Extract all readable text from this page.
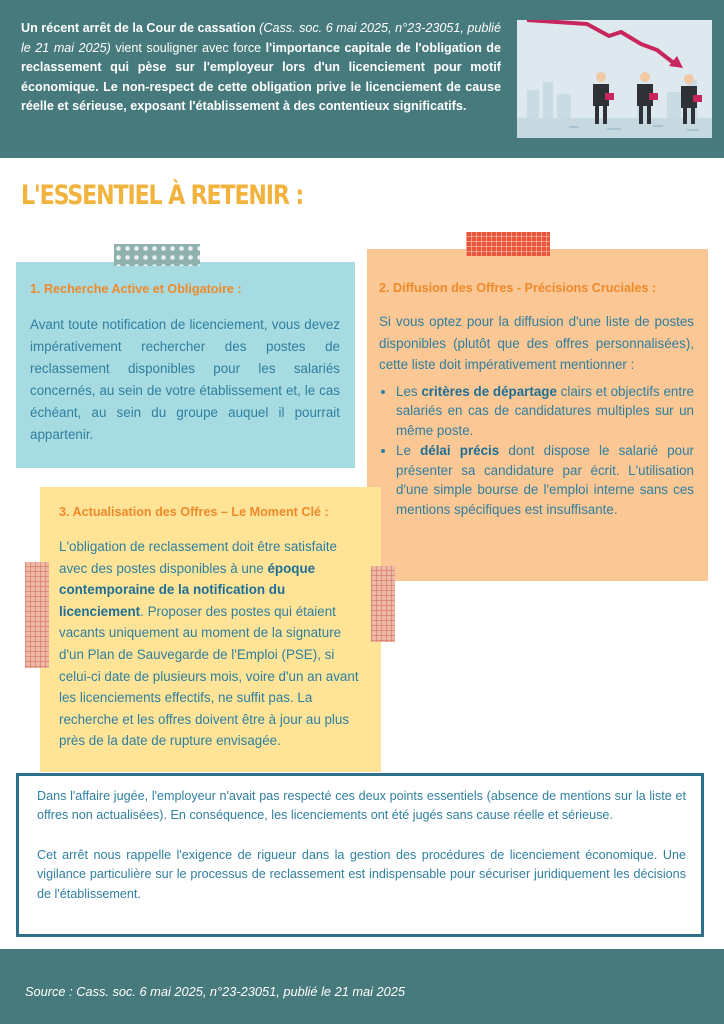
Un récent arrêt de la Cour de cassation (Cass. soc. 6 mai 2025, n°23-23051, publié le 21 mai 2025) vient souligner avec force l'importance capitale de l'obligation de reclassement qui pèse sur l'employeur lors d'un licenciement pour motif économique. Le non-respect de cette obligation prive le licenciement de cause réelle et sérieuse, exposant l'établissement à des contentieux significatifs.
L'ESSENTIEL À RETENIR :
1. Recherche Active et Obligatoire :

Avant toute notification de licenciement, vous devez impérativement rechercher des postes de reclassement disponibles pour les salariés concernés, au sein de votre établissement et, le cas échéant, au sein du groupe auquel il pourrait appartenir.

2. Diffusion des Offres - Précisions Cruciales :

Si vous optez pour la diffusion d'une liste de postes disponibles (plutôt que des offres personnalisées), cette liste doit impérativement mentionner :

• Les critères de départage clairs et objectifs entre salariés en cas de candidatures multiples sur un même poste.
• Le délai précis dont dispose le salarié pour présenter sa candidature par écrit. L'utilisation d'une simple bourse de l'emploi interne sans ces mentions spécifiques est insuffisante.
3. Actualisation des Offres – Le Moment Clé :

L'obligation de reclassement doit être satisfaite avec des postes disponibles à une époque contemporaine de la notification du licenciement. Proposer des postes qui étaient vacants uniquement au moment de la signature d'un Plan de Sauvegarde de l'Emploi (PSE), si celui-ci date de plusieurs mois, voire d'un an avant les licenciements effectifs, ne suffit pas. La recherche et les offres doivent être à jour au plus près de la date de rupture envisagée.

Dans l'affaire jugée, l'employeur n'avait pas respecté ces deux points essentiels (absence de mentions sur la liste et offres non actualisées). En conséquence, les licenciements ont été jugés sans cause réelle et sérieuse.

Cet arrêt nous rappelle l'exigence de rigueur dans la gestion des procédures de licenciement économique. Une vigilance particulière sur le processus de reclassement est indispensable pour sécuriser juridiquement les décisions de l'établissement.

Source : Cass. soc. 6 mai 2025, n°23-23051, publié le 21 mai 2025
